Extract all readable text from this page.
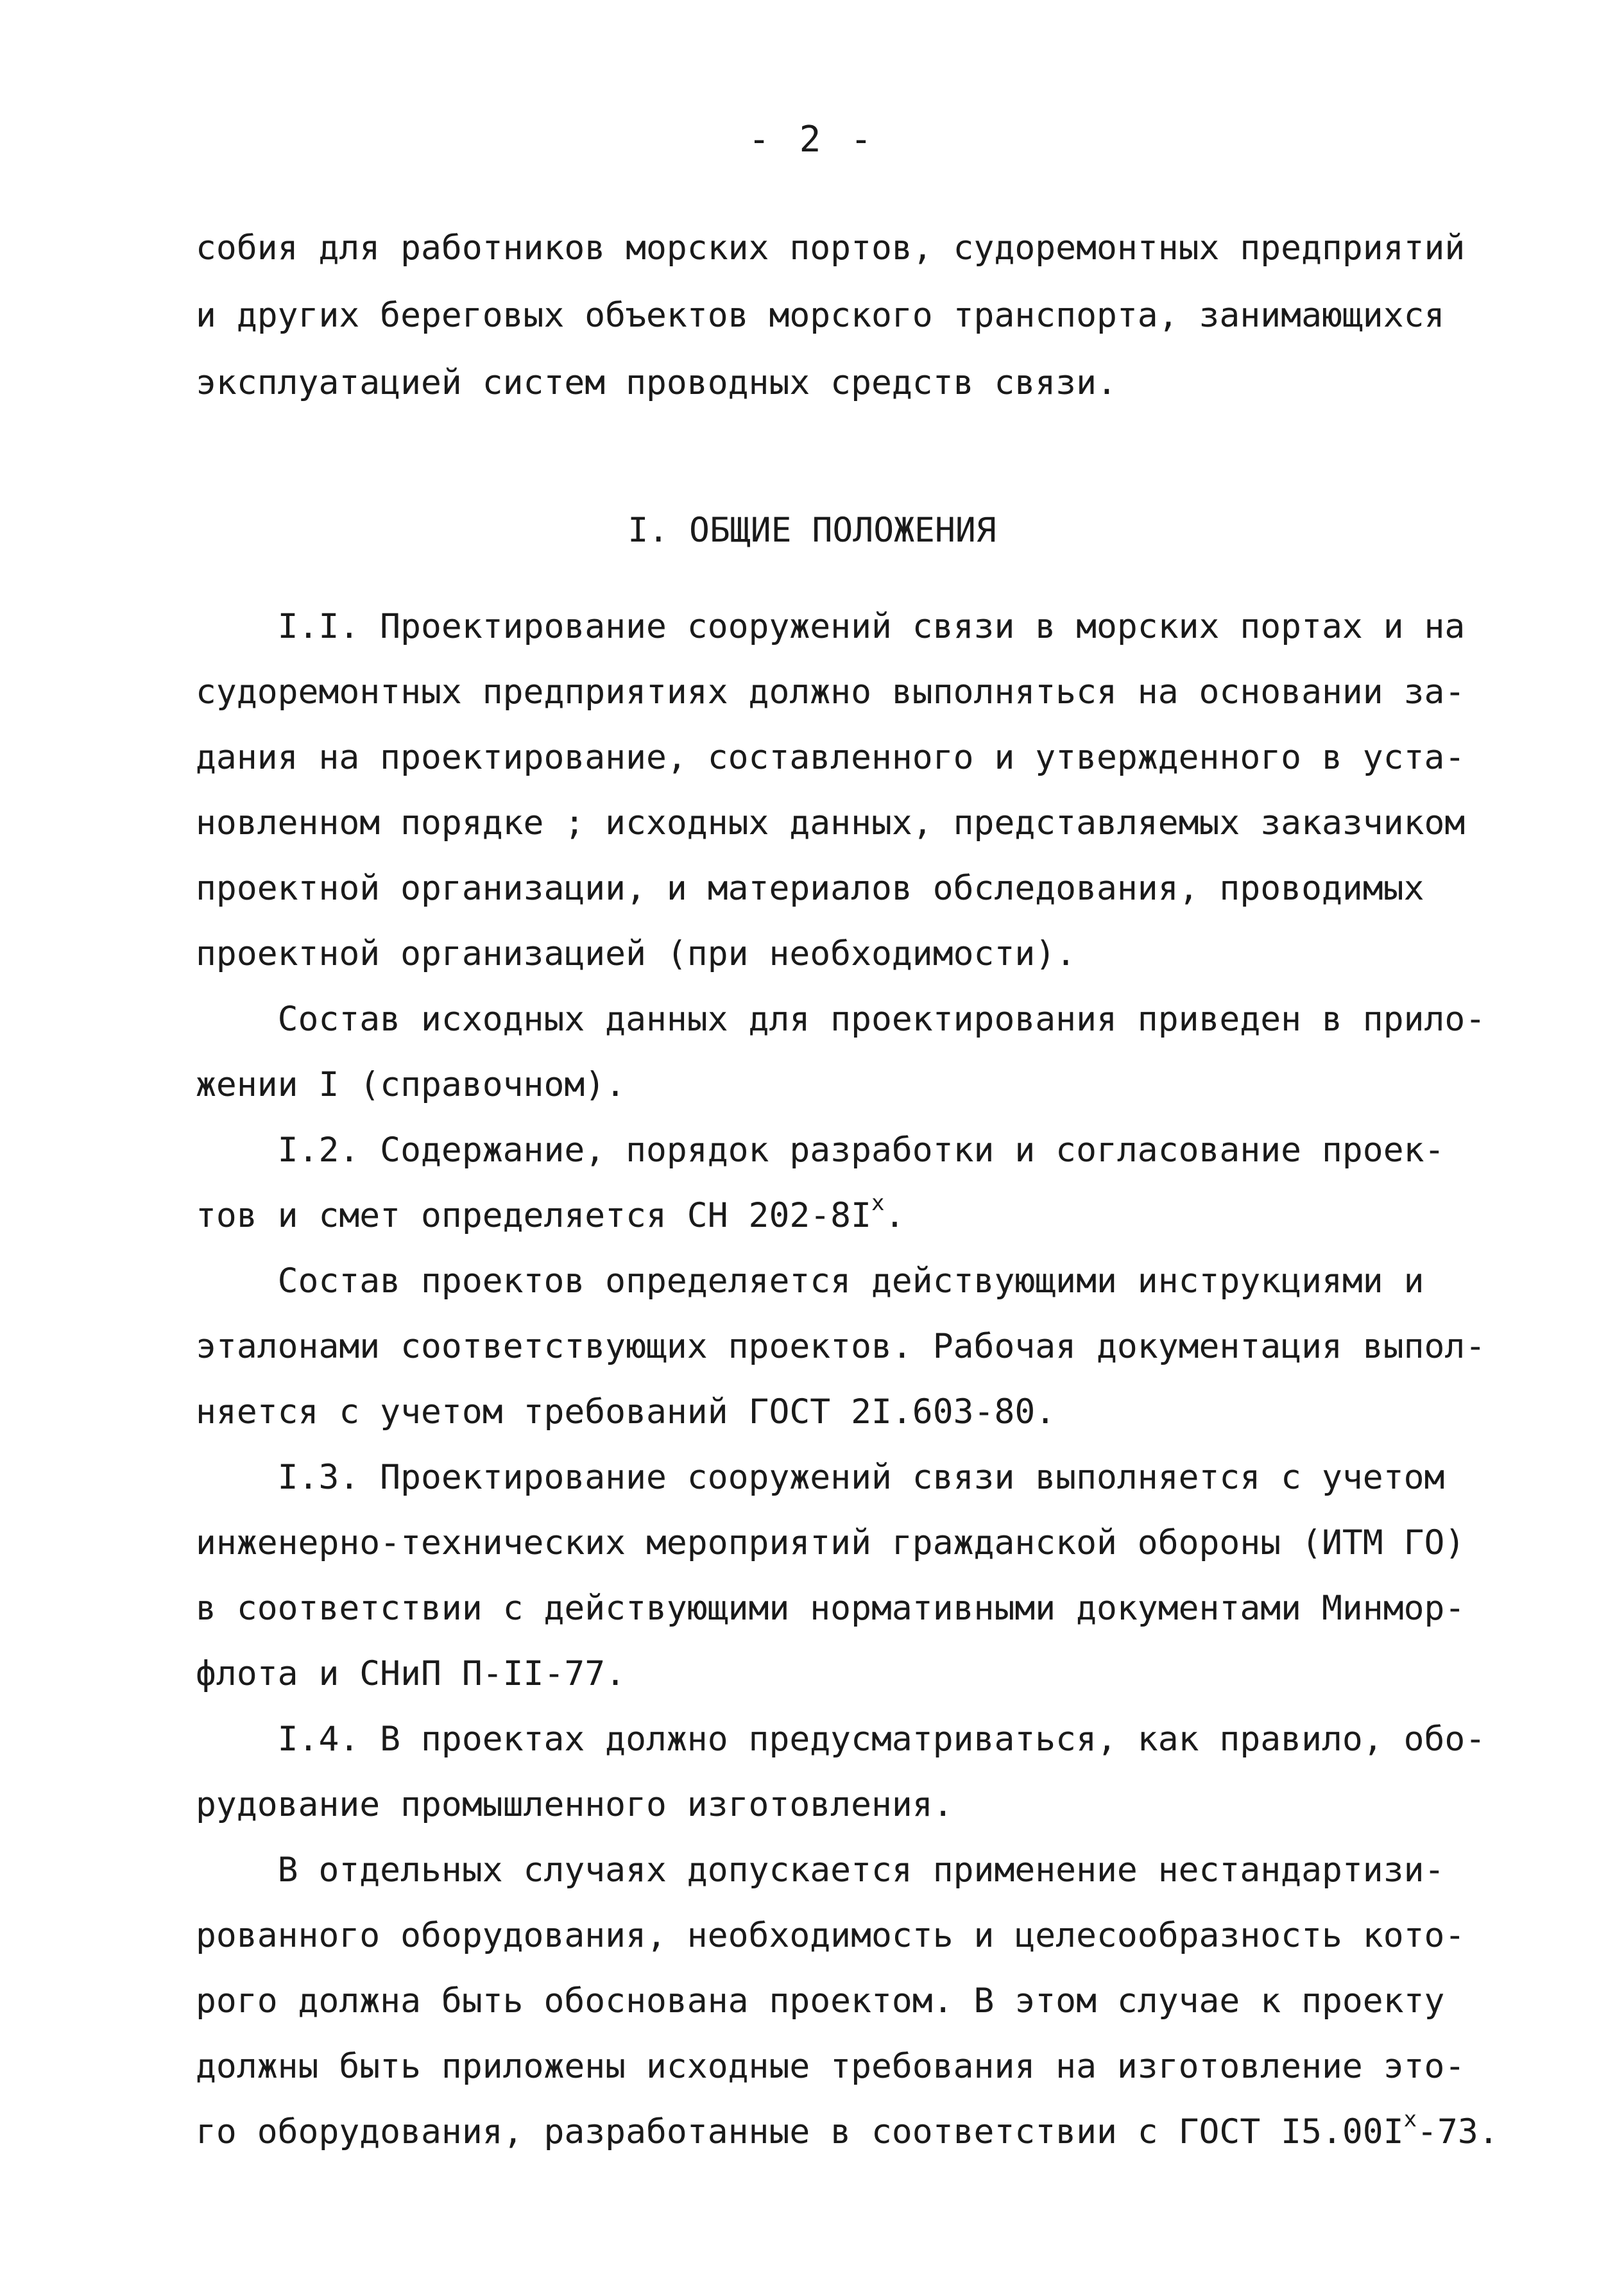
- 2 -
собия для работников морских портов, судоремонтных предприятий
и других береговых объектов морского транспорта, занимающихся
эксплуатацией систем проводных средств связи.
I. ОБЩИЕ ПОЛОЖЕНИЯ
I.I. Проектирование сооружений связи в морских портах и на
судоремонтных предприятиях должно выполняться на основании за-
дания на проектирование, составленного и утвержденного в уста-
новленном порядке ; исходных данных, представляемых заказчиком
проектной организации, и материалов обследования, проводимых
проектной организацией (при необходимости).
Состав исходных данных для проектирования приведен в прило-
жении I (справочном).
I.2. Содержание, порядок разработки и согласование проек-
тов и смет определяется СН $202-8I^x$.
Состав проектов определяется действующими инструкциями и
эталонами соответствующих проектов. Рабочая документация выпол-
няется с учетом требований ГОСТ 2I.603-80.
I.3. Проектирование сооружений связи выполняется с учетом
инженерно-технических мероприятий гражданской обороны (ИТМ ГО)
в соответствии с действующими нормативными документами Минмор-
флота и СНиП П-II-77.
I.4. В проектах должно предусматриваться, как правило, обо-
рудование промышленного изготовления.
В отдельных случаях допускается применение нестандартизи-
рованного оборудования, необходимость и целесообразность кото-
рого должна быть обоснована проектом. В этом случае к проекту
должны быть приложены исходные требования на изготовление это-
го оборудования, разработанные в соответствии с ГОСТ $I5.00I^x-73$.
